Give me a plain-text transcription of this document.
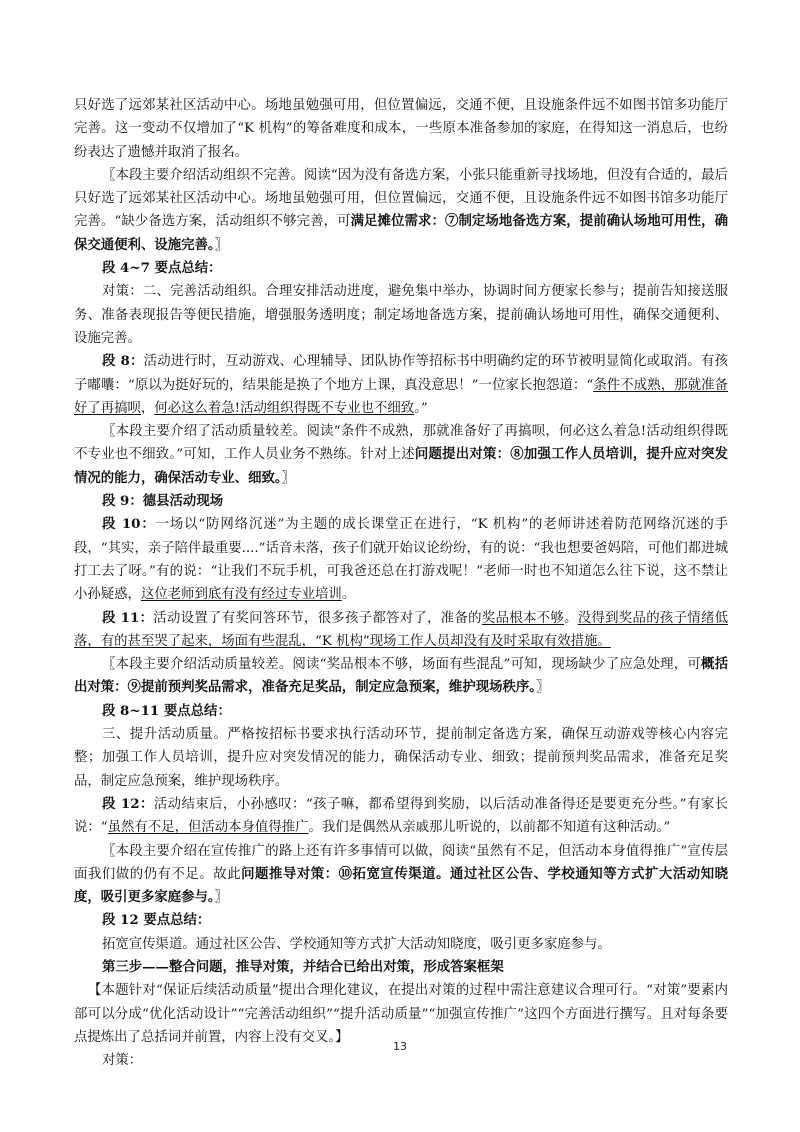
只好选了远郊某社区活动中心。场地虽勉强可用，但位置偏远，交通不便，且设施条件远不如图书馆多功能厅完善。这一变动不仅增加了“K 机构”的筹备难度和成本，一些原本准备参加的家庭，在得知这一消息后，也纷纷表达了遗憾并取消了报名。

〖本段主要介绍活动组织不完善。阅读“因为没有备选方案，小张只能重新寻找场地，但没有合适的，最后只好选了远郊某社区活动中心。场地虽勉强可用，但位置偏远，交通不便，且设施条件远不如图书馆多功能厅完善。“缺少备选方案，活动组织不够完善，可满足摊位需求：⑦制定场地备选方案，提前确认场地可用性，确保交通便利、设施完善。〗

段 4~7 要点总结：

对策：二、完善活动组织。合理安排活动进度，避免集中举办，协调时间方便家长参与；提前告知接送服务、准备表现报告等便民措施，增强服务透明度；制定场地备选方案，提前确认场地可用性，确保交通便利、设施完善。

段 8：活动进行时，互动游戏、心理辅导、团队协作等招标书中明确约定的环节被明显简化或取消。有孩子嘟囔：“原以为挺好玩的，结果能是换了个地方上课，真没意思！”一位家长抱怨道：“条件不成熟，那就准备好了再搞呗，何必这么着急!活动组织得既不专业也不细致。”

〖本段主要介绍了活动质量较差。阅读“条件不成熟，那就准备好了再搞呗，何必这么着急!活动组织得既不专业也不细致。”可知，工作人员业务不熟练。针对上述问题提出对策：⑧加强工作人员培训，提升应对突发情况的能力，确保活动专业、细致。〗

段 9：德县活动现场

段 10：一场以“防网络沉迷”为主题的成长课堂正在进行，“K 机构”的老师讲述着防范网络沉迷的手段，“其实，亲子陪伴最重要....”话音未落，孩子们就开始议论纷纷，有的说：“我也想要爸妈陪，可他们都进城打工去了呀。”有的说：“让我们不玩手机，可我爸还总在打游戏呢！”老师一时也不知道怎么往下说，这不禁让小孙疑惑，这位老师到底有没有经过专业培训。

段 11：活动设置了有奖问答环节，很多孩子都答对了，准备的奖品根本不够。没得到奖品的孩子情绪低落，有的甚至哭了起来，场面有些混乱，“K 机构”现场工作人员却没有及时采取有效措施。

〖本段主要介绍活动质量较差。阅读“奖品根本不够，场面有些混乱”可知，现场缺少了应急处理，可概括出对策：⑨提前预判奖品需求，准备充足奖品，制定应急预案，维护现场秩序。〗

段 8~11 要点总结：

三、提升活动质量。严格按招标书要求执行活动环节，提前制定备选方案，确保互动游戏等核心内容完整；加强工作人员培训，提升应对突发情况的能力，确保活动专业、细致；提前预判奖品需求，准备充足奖品，制定应急预案，维护现场秩序。

段 12：活动结束后，小孙感叹：“孩子嘛，都希望得到奖励，以后活动准备得还是要更充分些。”有家长说：“虽然有不足，但活动本身值得推广。我们是偶然从亲戚那儿听说的，以前都不知道有这种活动。”

〖本段主要介绍在宣传推广的路上还有许多事情可以做，阅读“虽然有不足，但活动本身值得推广”宣传层面我们做的仍有不足。故此问题推导对策：⑩拓宽宣传渠道。通过社区公告、学校通知等方式扩大活动知晓度，吸引更多家庭参与。〗

段 12 要点总结：

拓宽宣传渠道。通过社区公告、学校通知等方式扩大活动知晓度，吸引更多家庭参与。

第三步——整合问题，推导对策，并结合已给出对策，形成答案框架

【本题针对“保证后续活动质量”提出合理化建议，在提出对策的过程中需注意建议合理可行。“对策”要素内部可以分成“优化活动设计”“完善活动组织”“提升活动质量”“加强宣传推广”这四个方面进行撰写。且对每条要点提炼出了总括词并前置，内容上没有交叉。】

对策：

13
